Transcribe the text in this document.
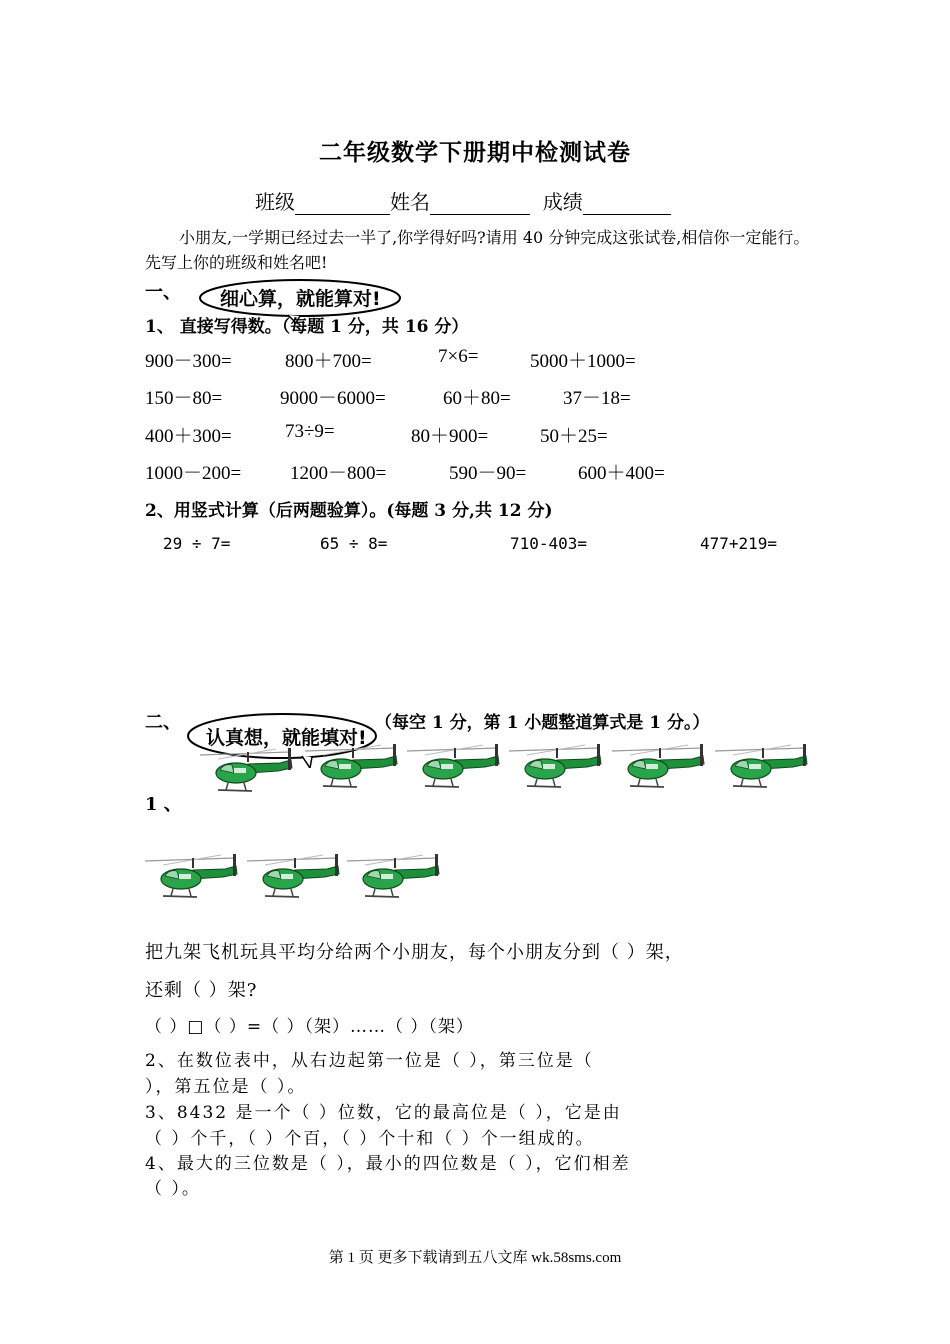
二年级数学下册期中检测试卷
班级	姓名	成绩
小朋友,一学期已经过去一半了,你学得好吗?请用 40 分钟完成这张试卷,相信你一定能行。先写上你的班级和姓名吧!
一、 细心算，就能算对!
1、 直接写得数。（每题 1 分，共 16 分）
900－300=	800＋700=	7×6=	5000＋1000=
150－80=	9000－6000=	60＋80=	37－18=
400＋300=	73÷9=	80＋900=	50＋25=
1000－200=	1200－800=	590－90=	600＋400=
2、用竖式计算（后两题验算）。(每题 3 分,共 12 分)
29 ÷ 7=	65 ÷ 8=	710-403=	477+219=
二、
认真想，就能填对!
（每空 1 分，第 1 小题整道算式是 1 分。）
1 、
把九架飞机玩具平均分给两个小朋友，每个小朋友分到（ ）架，
还剩（ ）架?
（ ）□（ ）=（ ）（架）……（ ）（架）
2、在数位表中，从右边起第一位是（ ），第三位是（
），第五位是（ ）。
3、8432 是一个（ ）位数，它的最高位是（ ），它是由
（ ）个千，（ ）个百，（ ）个十和（ ）个一组成的。
4、最大的三位数是（ ），最小的四位数是（ ），它们相差
（ ）。
第 1 页 更多下载请到五八文库 wk.58sms.com
